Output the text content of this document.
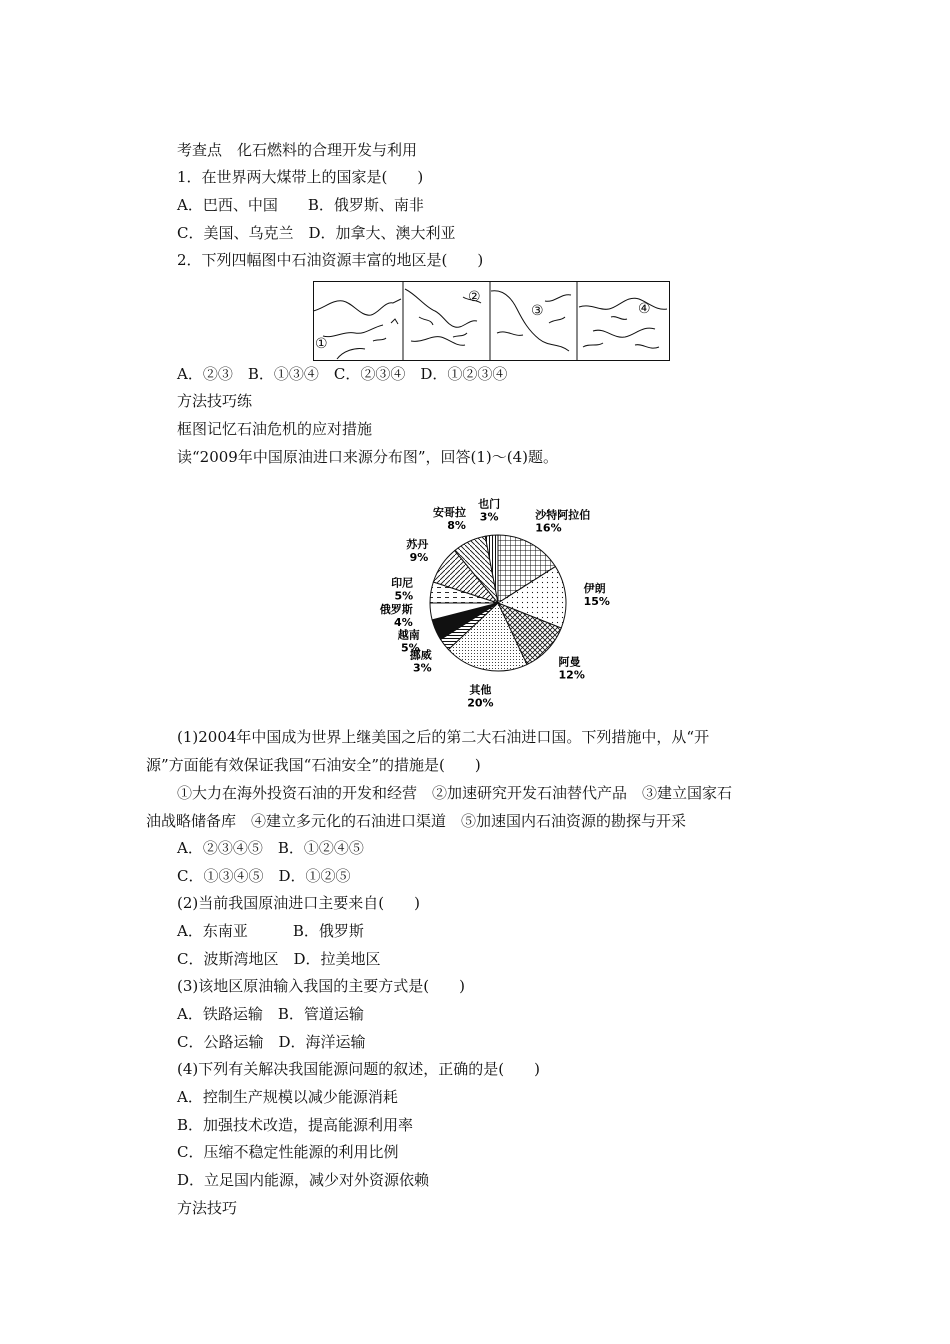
考查点　化石燃料的合理开发与利用
1．在世界两大煤带上的国家是(　　)
A．巴西、中国　　B．俄罗斯、南非
C．美国、乌克兰　D．加拿大、澳大利亚
2．下列四幅图中石油资源丰富的地区是(　　)
①
②
③	④
A．②③　B．①③④　C．②③④　D．①②③④
方法技巧练
框图记忆石油危机的应对措施
读“2009年中国原油进口来源分布图”，回答(1)～(4)题。
沙特阿拉伯
16%
伊朗
15%
阿曼
12%
其他
20%
挪威
3%
越南
5%
俄罗斯
4%
印尼
5%
苏丹
9%
安哥拉
8%
也门
3%
(1)2004年中国成为世界上继美国之后的第二大石油进口国。下列措施中，从“开
源”方面能有效保证我国“石油安全”的措施是(　　)
①大力在海外投资石油的开发和经营　②加速研究开发石油替代产品　③建立国家石
油战略储备库　④建立多元化的石油进口渠道　⑤加速国内石油资源的勘探与开采
A．②③④⑤　B．①②④⑤
C．①③④⑤　D．①②⑤
(2)当前我国原油进口主要来自(　　)
A．东南亚　　　B．俄罗斯
C．波斯湾地区　D．拉美地区
(3)该地区原油输入我国的主要方式是(　　)
A．铁路运输　B．管道运输
C．公路运输　D．海洋运输
(4)下列有关解决我国能源问题的叙述，正确的是(　　)
A．控制生产规模以减少能源消耗
B．加强技术改造，提高能源利用率
C．压缩不稳定性能源的利用比例
D．立足国内能源，减少对外资源依赖
方法技巧
